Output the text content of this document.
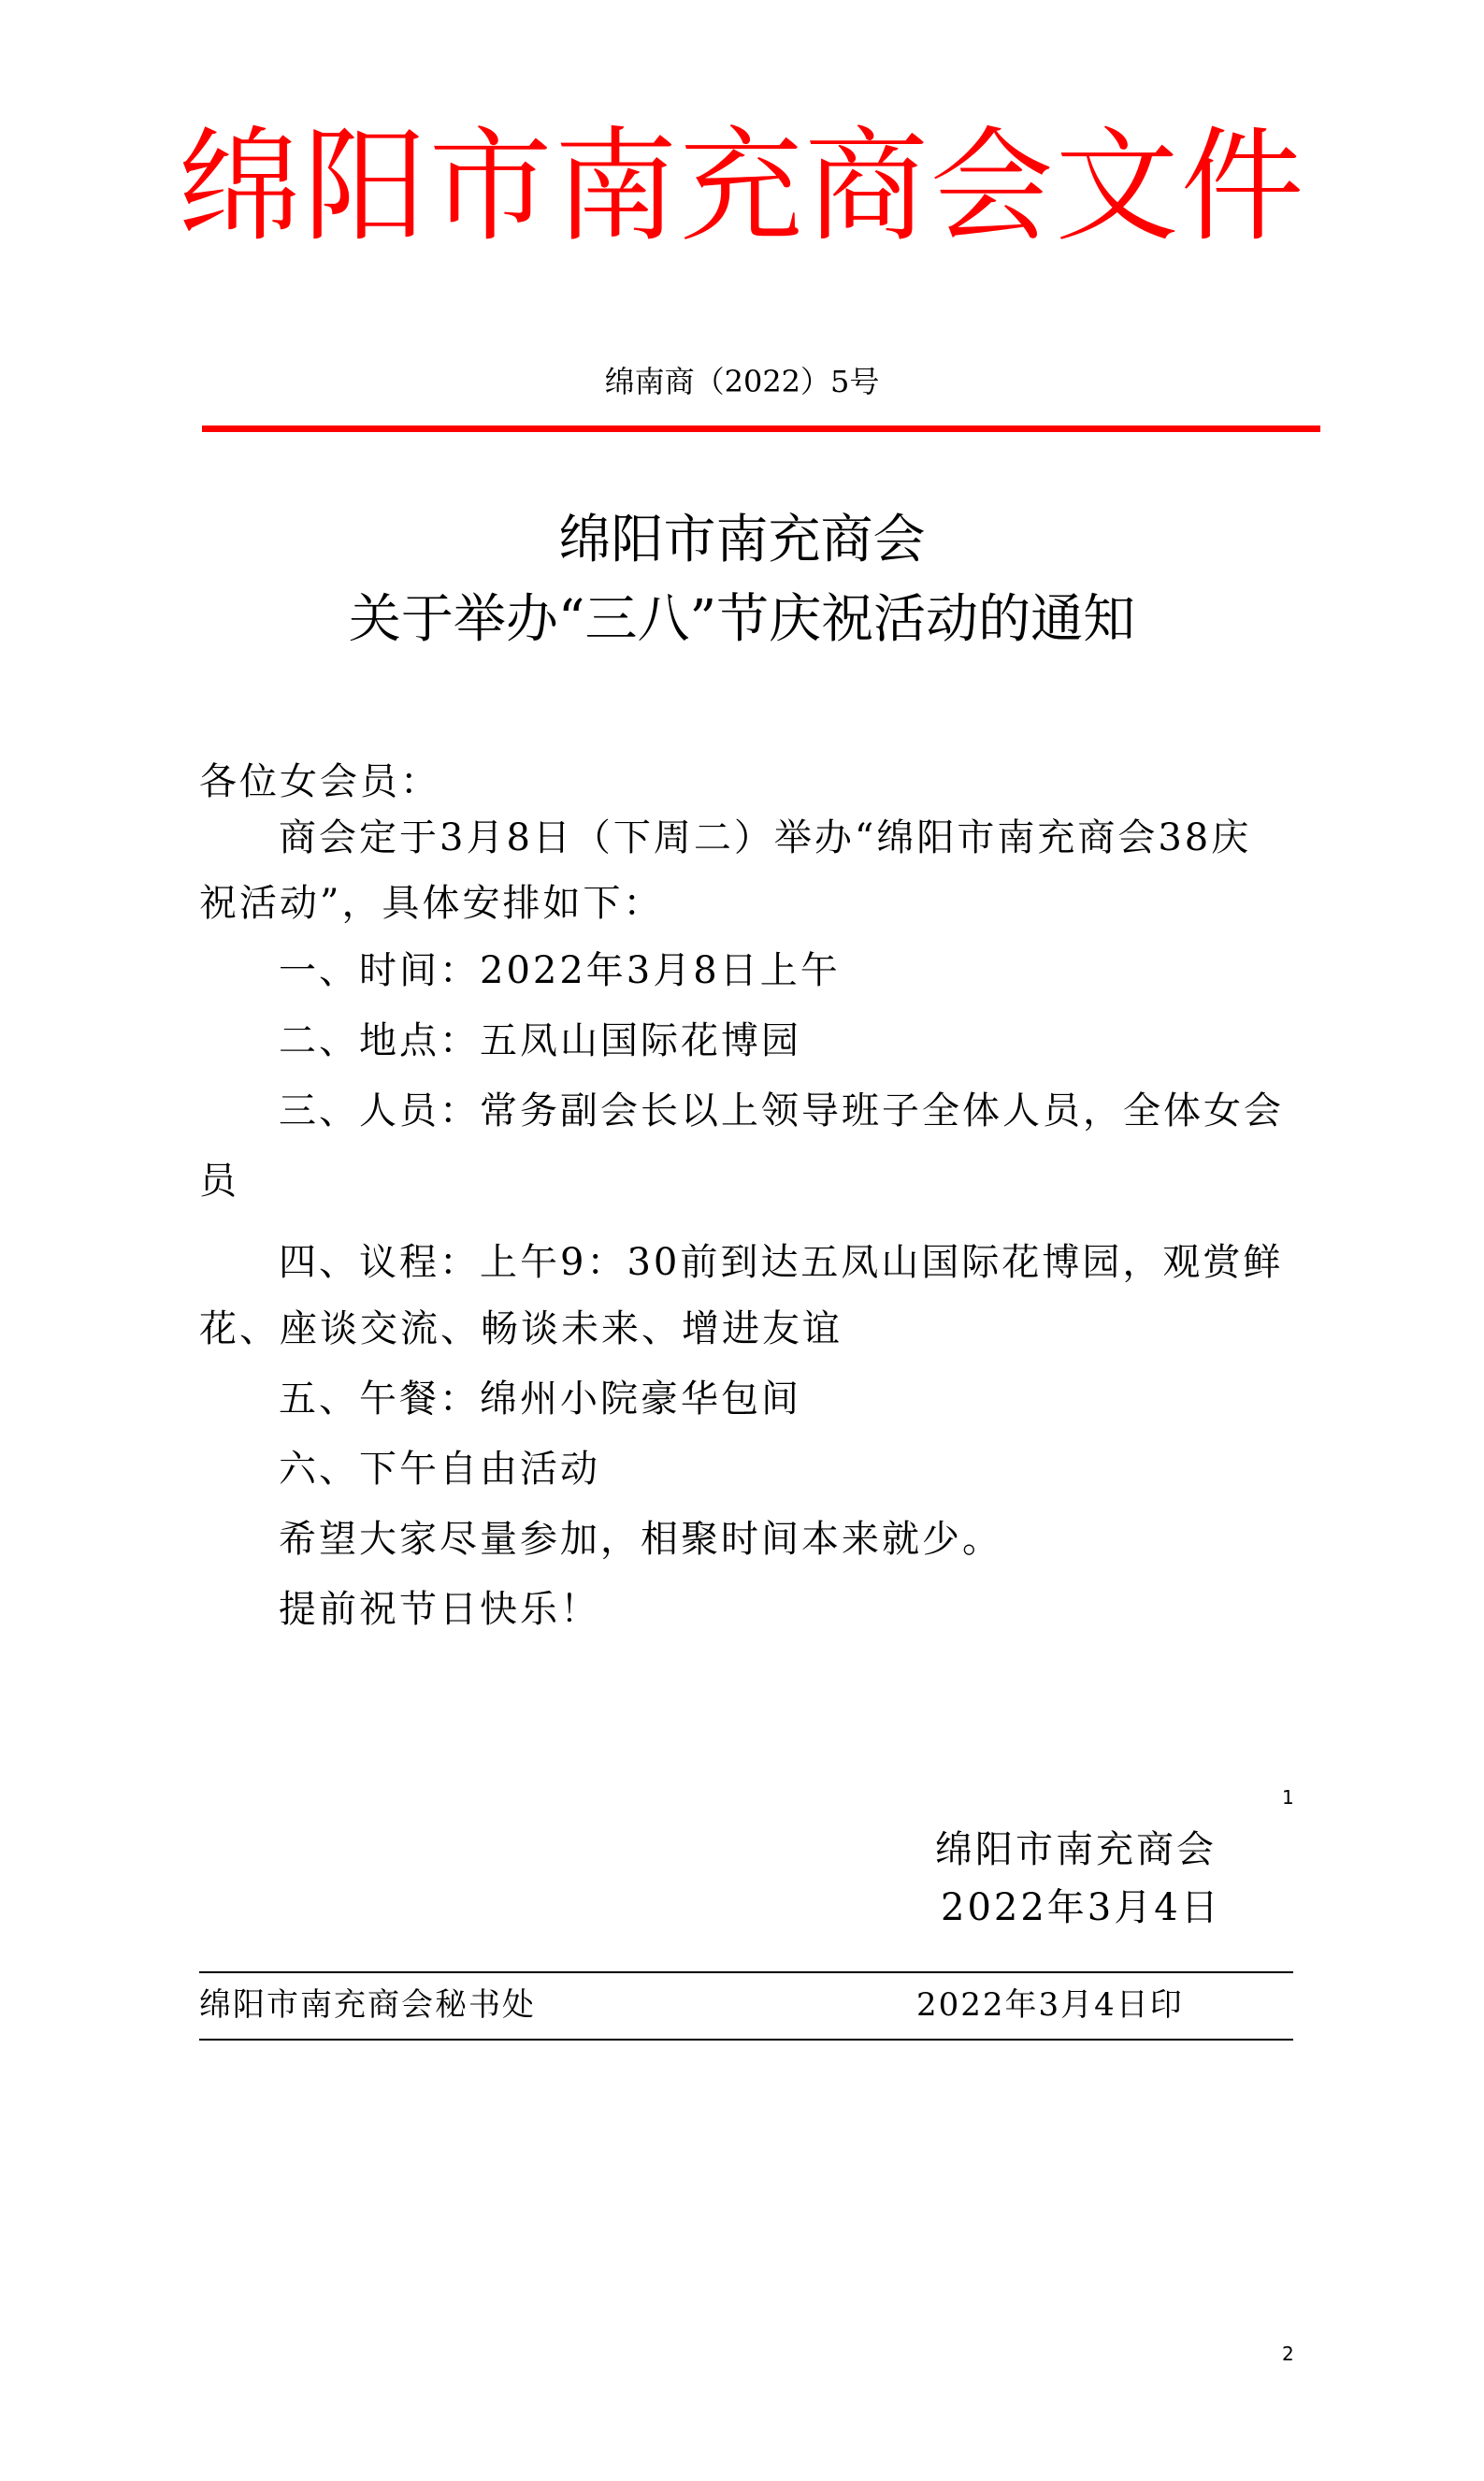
绵阳市南充商会文件
绵南商（2022）5号
绵阳市南充商会
关于举办“三八”节庆祝活动的通知
各位女会员：
商会定于3月8日（下周二）举办“绵阳市南充商会38庆
祝活动”，具体安排如下：
一、时间：2022年3月8日上午
二、地点：五凤山国际花博园
三、人员：常务副会长以上领导班子全体人员，全体女会
员
四、议程：上午9：30前到达五凤山国际花博园，观赏鲜
花、座谈交流、畅谈未来、增进友谊
五、午餐：绵州小院豪华包间
六、下午自由活动
希望大家尽量参加，相聚时间本来就少。
提前祝节日快乐！
1
绵阳市南充商会
2022年3月4日
绵阳市南充商会秘书处	2022年3月4日印
2
